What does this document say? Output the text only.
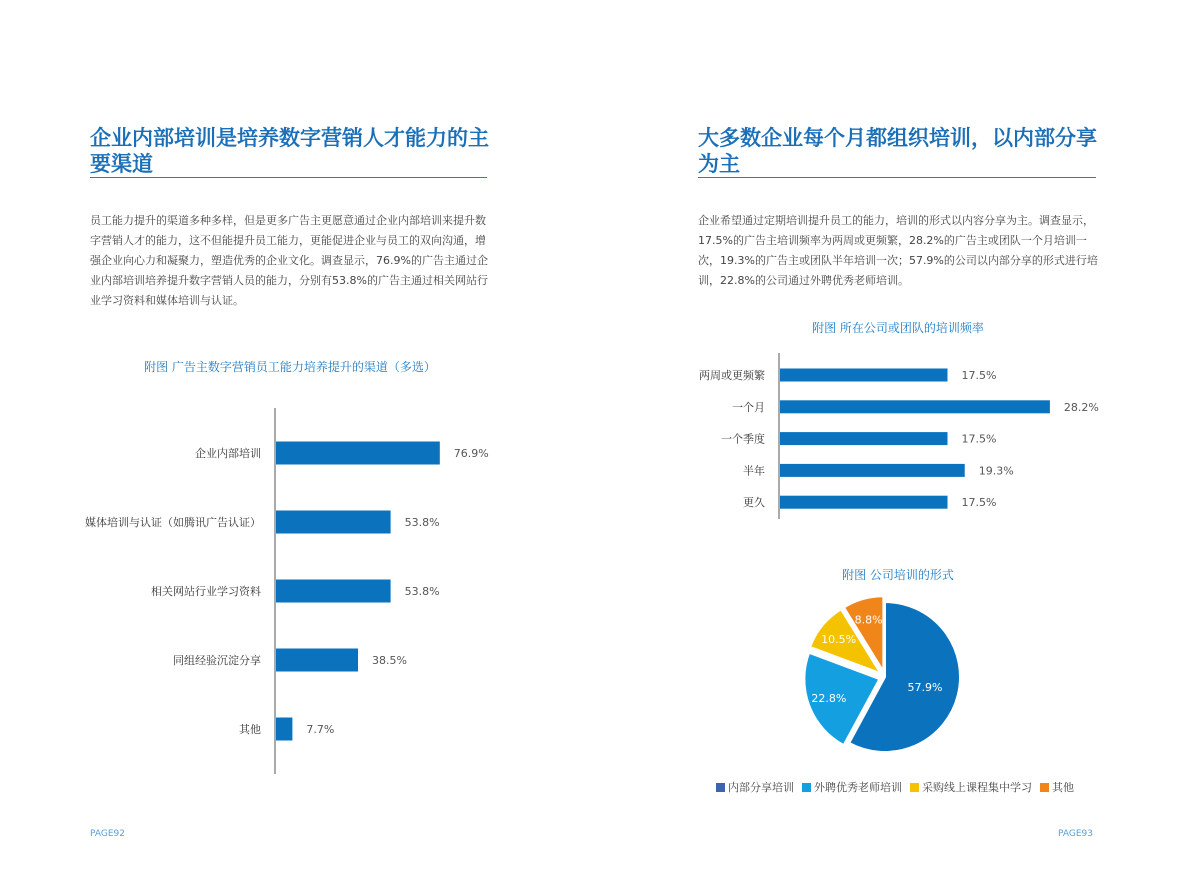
企业内部培训是培养数字营销人才能力的主要渠道

员工能力提升的渠道多种多样，但是更多广告主更愿意通过企业内部培训来提升数字营销人才的能力，这不但能提升员工能力，更能促进企业与员工的双向沟通，增强企业向心力和凝聚力，塑造优秀的企业文化。调查显示，76.9%的广告主通过企业内部培训培养提升数字营销人员的能力，分别有53.8%的广告主通过相关网站行业学习资料和媒体培训与认证。

附图 广告主数字营销员工能力培养提升的渠道（多选）
企业内部培训	76.9%
媒体培训与认证（如腾讯广告认证）	53.8%
相关网站行业学习资料	53.8%
同组经验沉淀分享	38.5%
其他	7.7%
PAGE92
大多数企业每个月都组织培训，以内部分享为主

企业希望通过定期培训提升员工的能力，培训的形式以内容分享为主。调查显示，17.5%的广告主培训频率为两周或更频繁，28.2%的广告主或团队一个月培训一次，19.3%的广告主或团队半年培训一次；57.9%的公司以内部分享的形式进行培训，22.8%的公司通过外聘优秀老师培训。

附图 所在公司或团队的培训频率
两周或更频繁	17.5%
一个月	28.2%
一个季度	17.5%
半年	19.3%
更久	17.5%
附图 公司培训的形式
57.9%
22.8%
10.5%
8.8%
内部分享培训 外聘优秀老师培训 采购线上课程集中学习 其他
PAGE93
